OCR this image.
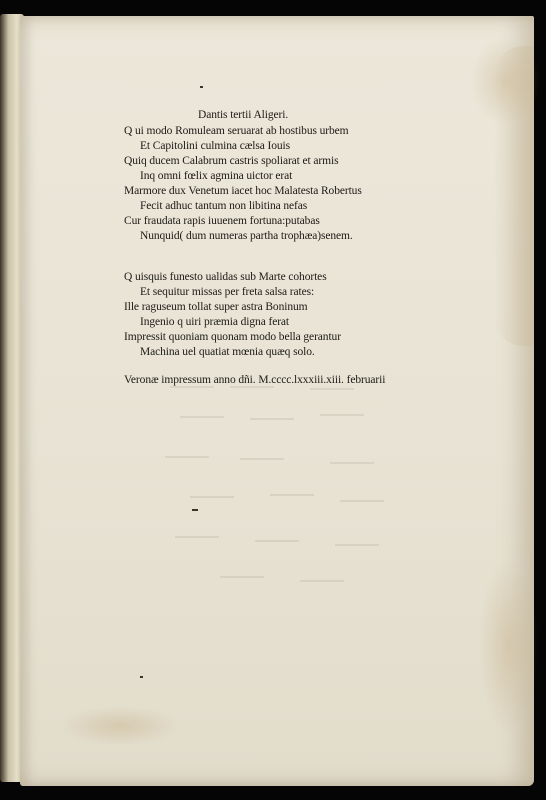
Dantis tertii Aligeri.
Q ui modo Romuleam seruarat ab hostibus urbem
Et Capitolini culmina cælsa Iouis
Quiq ducem Calabrum castris spoliarat et armis
Inq omni fœlix agmina uictor erat
Marmore dux Venetum iacet hoc Malatesta Robertus
Fecit adhuc tantum non libitina nefas
Cur fraudata rapis iuuenem fortuna:putabas
Nunquid( dum numeras partha trophæa)senem.
Q uisquis funesto ualidas sub Marte cohortes
Et sequitur missas per freta salsa rates:
Ille raguseum tollat super astra Boninum
Ingenio q uiri præmia digna ferat
Impressit quoniam quonam modo bella gerantur
Machina uel quatiat mœnia quæq solo.
Veronæ impressum anno dñi. M.cccc.lxxxiii.xiii. februarii
